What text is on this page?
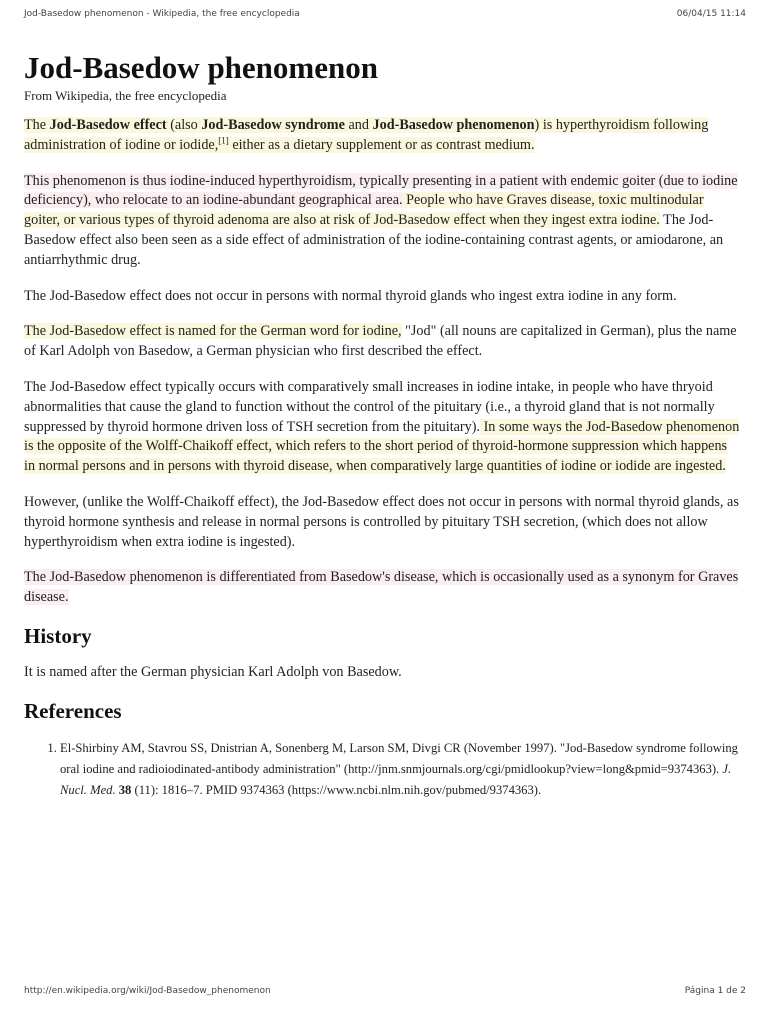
Jod-Basedow phenomenon - Wikipedia, the free encyclopedia	06/04/15 11:14
Jod-Basedow phenomenon
From Wikipedia, the free encyclopedia

The Jod-Basedow effect (also Jod-Basedow syndrome and Jod-Basedow phenomenon) is hyperthyroidism following administration of iodine or iodide,[1] either as a dietary supplement or as contrast medium.

This phenomenon is thus iodine-induced hyperthyroidism, typically presenting in a patient with endemic goiter (due to iodine deficiency), who relocate to an iodine-abundant geographical area. People who have Graves disease, toxic multinodular goiter, or various types of thyroid adenoma are also at risk of Jod-Basedow effect when they ingest extra iodine. The Jod-Basedow effect also been seen as a side effect of administration of the iodine-containing contrast agents, or amiodarone, an antiarrhythmic drug.

The Jod-Basedow effect does not occur in persons with normal thyroid glands who ingest extra iodine in any form.

The Jod-Basedow effect is named for the German word for iodine, "Jod" (all nouns are capitalized in German), plus the name of Karl Adolph von Basedow, a German physician who first described the effect.

The Jod-Basedow effect typically occurs with comparatively small increases in iodine intake, in people who have thryoid abnormalities that cause the gland to function without the control of the pituitary (i.e., a thyroid gland that is not normally suppressed by thyroid hormone driven loss of TSH secretion from the pituitary). In some ways the Jod-Basedow phenomenon is the opposite of the Wolff-Chaikoff effect, which refers to the short period of thyroid-hormone suppression which happens in normal persons and in persons with thyroid disease, when comparatively large quantities of iodine or iodide are ingested.

However, (unlike the Wolff-Chaikoff effect), the Jod-Basedow effect does not occur in persons with normal thyroid glands, as thyroid hormone synthesis and release in normal persons is controlled by pituitary TSH secretion, (which does not allow hyperthyroidism when extra iodine is ingested).

The Jod-Basedow phenomenon is differentiated from Basedow's disease, which is occasionally used as a synonym for Graves disease.

History

It is named after the German physician Karl Adolph von Basedow.

References
1. El-Shirbiny AM, Stavrou SS, Dnistrian A, Sonenberg M, Larson SM, Divgi CR (November 1997). "Jod-Basedow syndrome following oral iodine and radioiodinated-antibody administration" (http://jnm.snmjournals.org/cgi/pmidlookup?view=long&pmid=9374363). J. Nucl. Med. 38 (11): 1816–7. PMID 9374363 (https://www.ncbi.nlm.nih.gov/pubmed/9374363).
http://en.wikipedia.org/wiki/Jod-Basedow_phenomenon	Página 1 de 2
